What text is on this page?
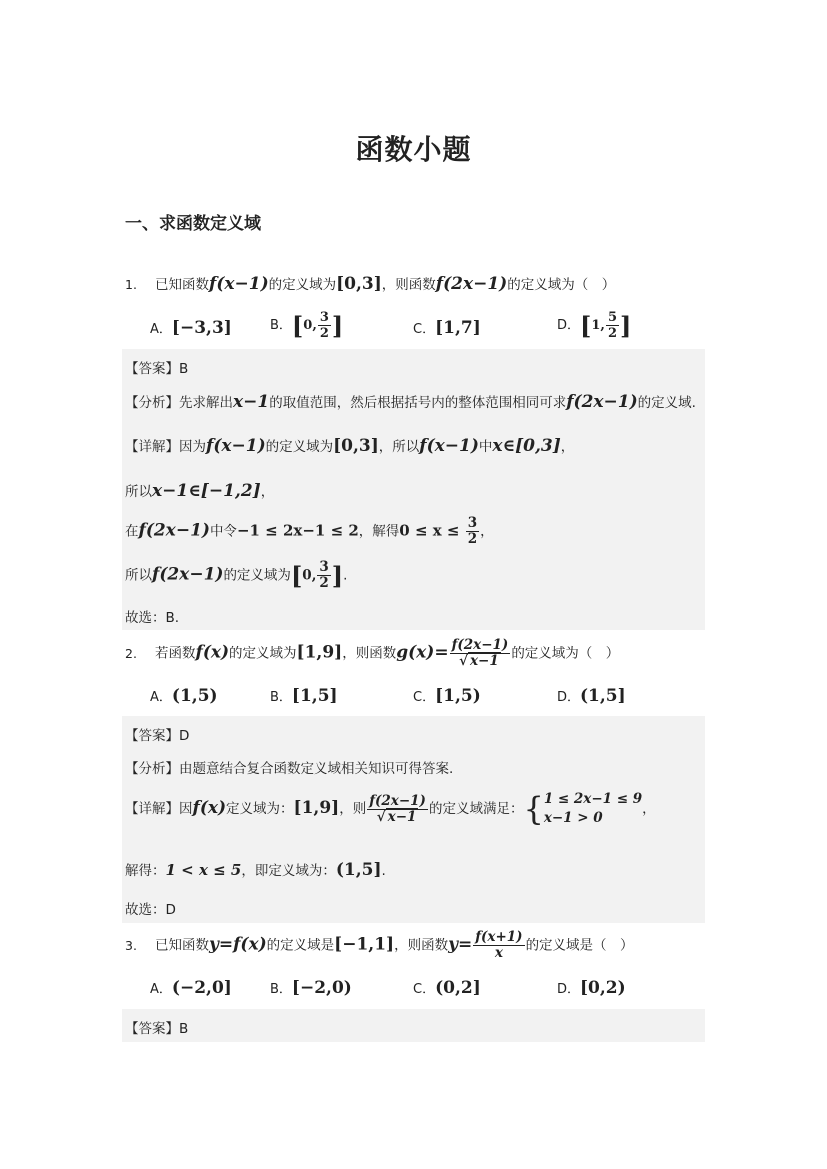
函数小题
一、求函数定义域
1. 已知函数f(x−1)的定义域为[0,3]，则函数f(2x−1)的定义域为（　）
A．[−3,3]	B．[0, $\frac{3}{2}$ ]	C．[1,7]	D．[1, $\frac{5}{2}$ ]
【答案】B
【分析】先求解出x−1的取值范围，然后根据括号内的整体范围相同可求f(2x−1)的定义域.
【详解】因为f(x−1)的定义域为[0,3]，所以f(x−1)中x∈[0,3]，
所以x−1∈[−1,2]，
在f(2x−1)中令−1 ≤ 2x−1 ≤ 2，解得$0 \le x \le \frac{3}{2}$ ，
所以f(2x−1)的定义域为[0, $\frac{3}{2}$ ].
故选：B.
2. 若函数f(x)的定义域为[1,9]，则函数$g(x)= \frac{f(2x-1)}{√ x-1}$ 的定义域为（　）
A．(1,5)	B．[1,5]	C．[1,5)	D．(1,5]
【答案】D
【分析】由题意结合复合函数定义域相关知识可得答案.
【详解】因f(x)定义域为：[1,9]，则 $\frac{f(2x-1)}{√ x-1}$ 的定义域满足：{ 1 ≤ 2x−1 ≤ 9
x−1 > 0
，
解得：1 < x ≤ 5，即定义域为：(1,5].
故选：D
3. 已知函数y=f(x)的定义域是[−1,1]，则函数$y= \frac{f(x+1)}{x}$ 的定义域是（　）
A．(−2,0]	B．[−2,0)	C．(0,2]	D．[0,2)
【答案】B
